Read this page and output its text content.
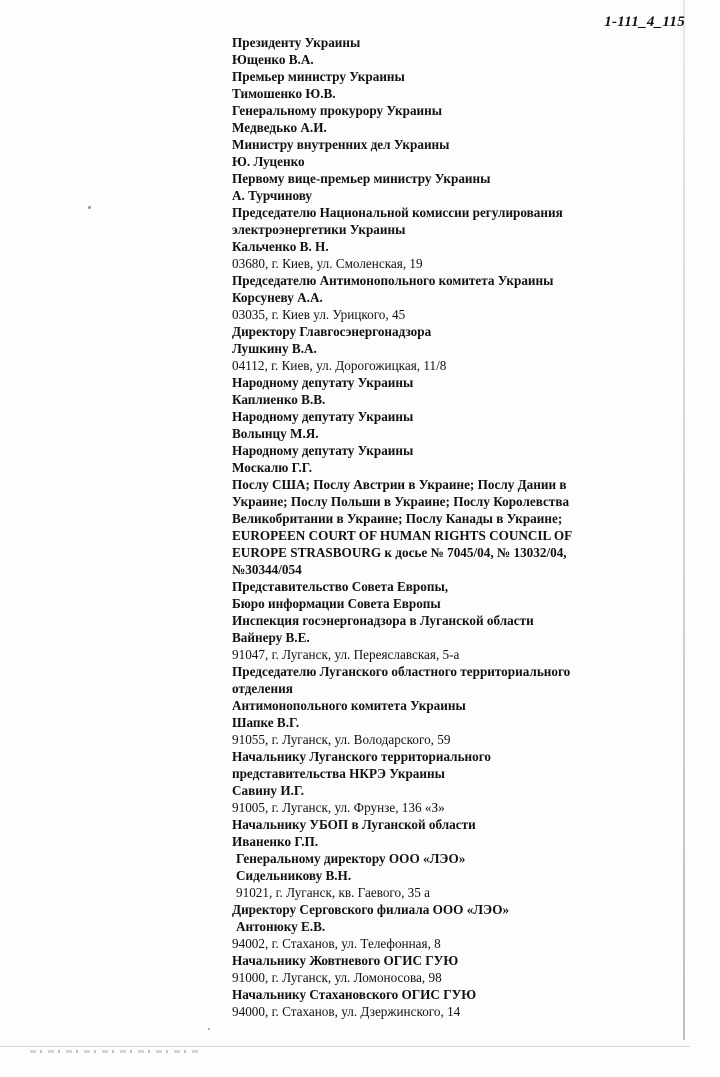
1-111_4_115
Президенту Украины
Ющенко В.А.
Премьер министру Украины
Тимошенко Ю.В.
Генеральному прокурору Украины
Медведько А.И.
Министру внутренних дел Украины
Ю. Луценко
Первому вице-премьер министру Украины
А. Турчинову
Председателю Национальной комиссии регулирования
электроэнергетики Украины
Кальченко В. Н.
03680, г. Киев, ул. Смоленская, 19
Председателю Антимонопольного комитета Украины
Корсуневу А.А.
03035, г. Киев ул. Урицкого, 45
Директору Главгосэнергонадзора
Лушкину В.А.
04112, г. Киев, ул. Дорогожицкая, 11/8
Народному депутату Украины
Каплиенко В.В.
Народному депутату Украины
Волынцу М.Я.
Народному депутату Украины
Москалю Г.Г.
Послу США; Послу Австрии в Украине; Послу Дании в
Украине; Послу Польши в Украине; Послу Королевства
Великобритании в Украине; Послу Канады в Украине;
EUROPEEN COURT OF HUMAN RIGHTS COUNCIL OF
EUROPE STRASBOURG к досье № 7045/04, № 13032/04,
№30344/054
Представительство Совета Европы,
Бюро информации Совета Европы
Инспекция госэнергонадзора в Луганской области
Вайнеру В.Е.
91047, г. Луганск, ул. Переяславская, 5-а
Председателю Луганского областного территориального
отделения
Антимонопольного комитета Украины
Шапке В.Г.
91055, г. Луганск, ул. Володарского, 59
Начальнику Луганского территориального
представительства НКРЭ Украины
Савину И.Г.
91005, г. Луганск, ул. Фрунзе, 136 «З»
Начальнику УБОП в Луганской области
Иваненко Г.П.
Генеральному директору ООО «ЛЭО»
Сидельникову В.Н.
91021, г. Луганск, кв. Гаевого, 35 а
Директору Серговского филиала ООО «ЛЭО»
Антонюку Е.В.
94002, г. Стаханов, ул. Телефонная, 8
Начальнику Жовтневого ОГИС ГУЮ
91000, г. Луганск, ул. Ломоносова, 98
Начальнику Стахановского ОГИС ГУЮ
94000, г. Стаханов, ул. Дзержинского, 14
